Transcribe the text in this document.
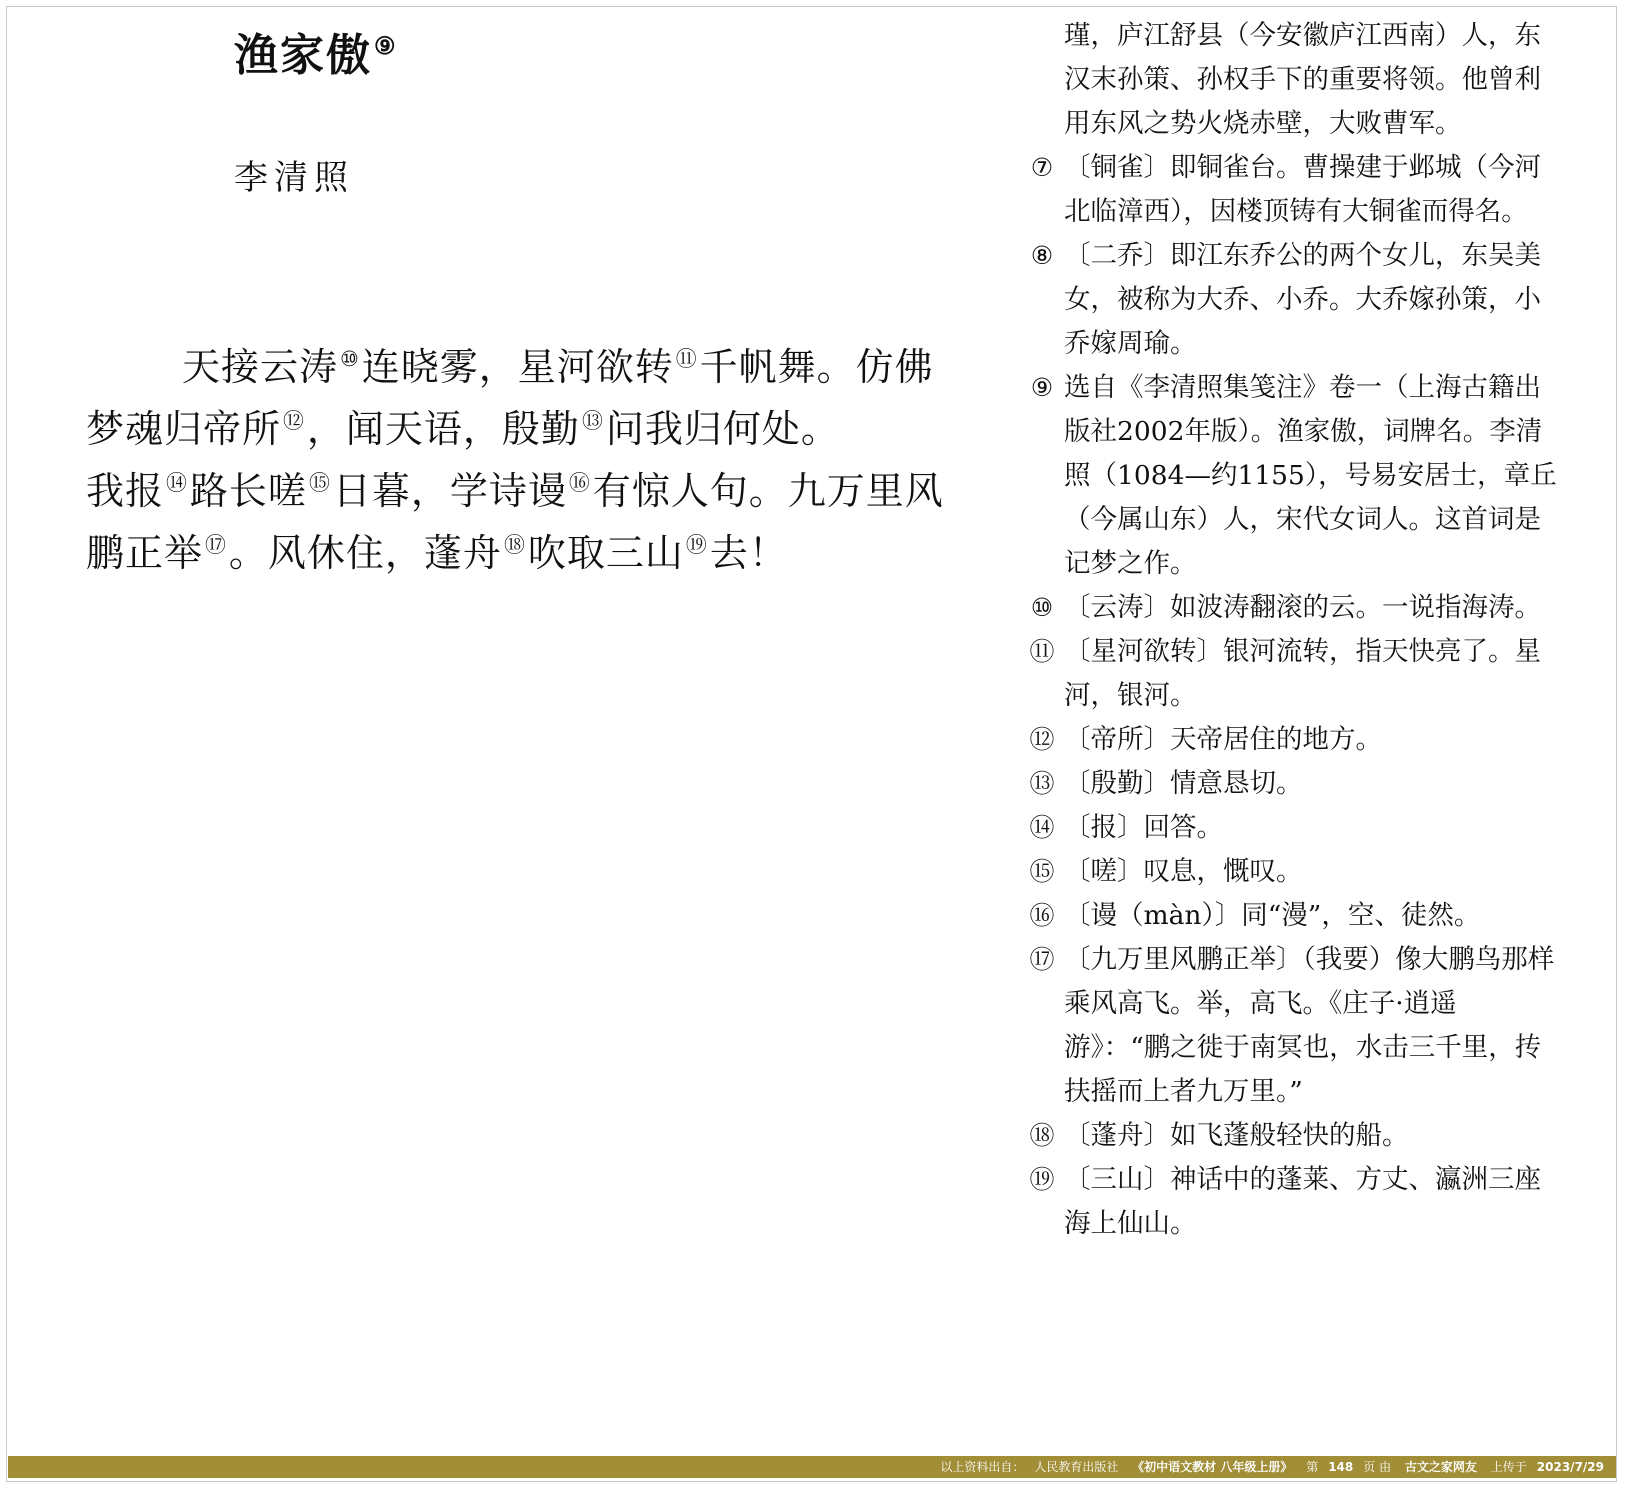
渔家傲⑨
李清照

天接云涛⑩连晓雾，星河欲转⑪千帆舞。仿佛梦魂归帝所⑫，闻天语，殷勤⑬问我归何处。我报⑭路长嗟⑮日暮，学诗谩⑯有惊人句。九万里风鹏正举⑰。风休住，蓬舟⑱吹取三山⑲去！

瑾，庐江舒县（今安徽庐江西南）人，东汉末孙策、孙权手下的重要将领。他曾利用东风之势火烧赤壁，大败曹军。
⑦ 〔铜雀〕即铜雀台。曹操建于邺城（今河北临漳西），因楼顶铸有大铜雀而得名。
⑧ 〔二乔〕即江东乔公的两个女儿，东吴美女，被称为大乔、小乔。大乔嫁孙策，小乔嫁周瑜。
⑨ 选自《李清照集笺注》卷一（上海古籍出版社2002年版）。渔家傲，词牌名。李清照（1084—约1155），号易安居士，章丘（今属山东）人，宋代女词人。这首词是记梦之作。
⑩ 〔云涛〕如波涛翻滚的云。一说指海涛。
⑪ 〔星河欲转〕银河流转，指天快亮了。星河，银河。
⑫ 〔帝所〕天帝居住的地方。
⑬ 〔殷勤〕情意恳切。
⑭ 〔报〕回答。
⑮ 〔嗟〕叹息，慨叹。
⑯ 〔谩（màn）〕同“漫”，空、徒然。
⑰ 〔九万里风鹏正举〕（我要）像大鹏鸟那样乘风高飞。举，高飞。《庄子·逍遥游》：“鹏之徙于南冥也，水击三千里，抟扶摇而上者九万里。”
⑱ 〔蓬舟〕如飞蓬般轻快的船。
⑲ 〔三山〕神话中的蓬莱、方丈、瀛洲三座海上仙山。
以上资料出自： 人民教育出版社 《初中语文教材 八年级上册》 第 148 页 由 古文之家网友 上传于 2023/7/29
